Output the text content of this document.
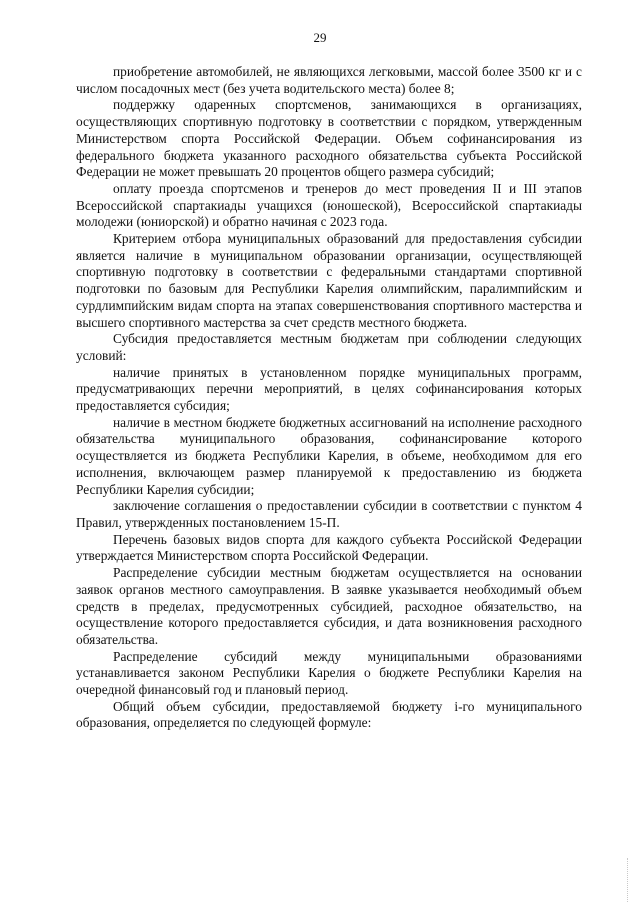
29

приобретение автомобилей, не являющихся легковыми, массой более 3500 кг и с числом посадочных мест (без учета водительского места) более 8;

поддержку одаренных спортсменов, занимающихся в организациях, осуществляющих спортивную подготовку в соответствии с порядком, утвержденным Министерством спорта Российской Федерации. Объем софинансирования из федерального бюджета указанного расходного обязательства субъекта Российской Федерации не может превышать 20 процентов общего размера субсидий;

оплату проезда спортсменов и тренеров до мест проведения II и III этапов Всероссийской спартакиады учащихся (юношеской), Всероссийской спартакиады молодежи (юниорской) и обратно начиная с 2023 года.

Критерием отбора муниципальных образований для предоставления субсидии является наличие в муниципальном образовании организации, осуществляющей спортивную подготовку в соответствии с федеральными стандартами спортивной подготовки по базовым для Республики Карелия олимпийским, паралимпийским и сурдлимпийским видам спорта на этапах совершенствования спортивного мастерства и высшего спортивного мастерства за счет средств местного бюджета.

Субсидия предоставляется местным бюджетам при соблюдении следующих условий:

наличие принятых в установленном порядке муниципальных программ, предусматривающих перечни мероприятий, в целях софинансирования которых предоставляется субсидия;

наличие в местном бюджете бюджетных ассигнований на исполнение расходного обязательства муниципального образования, софинансирование которого осуществляется из бюджета Республики Карелия, в объеме, необходимом для его исполнения, включающем размер планируемой к предоставлению из бюджета Республики Карелия субсидии;

заключение соглашения о предоставлении субсидии в соответствии с пунктом 4 Правил, утвержденных постановлением 15-П.

Перечень базовых видов спорта для каждого субъекта Российской Федерации утверждается Министерством спорта Российской Федерации.

Распределение субсидии местным бюджетам осуществляется на основании заявок органов местного самоуправления. В заявке указывается необходимый объем средств в пределах, предусмотренных субсидией, расходное обязательство, на осуществление которого предоставляется субсидия, и дата возникновения расходного обязательства.

Распределение субсидий между муниципальными образованиями устанавливается законом Республики Карелия о бюджете Республики Карелия на очередной финансовый год и плановый период.

Общий объем субсидии, предоставляемой бюджету i-го муниципального образования, определяется по следующей формуле:
